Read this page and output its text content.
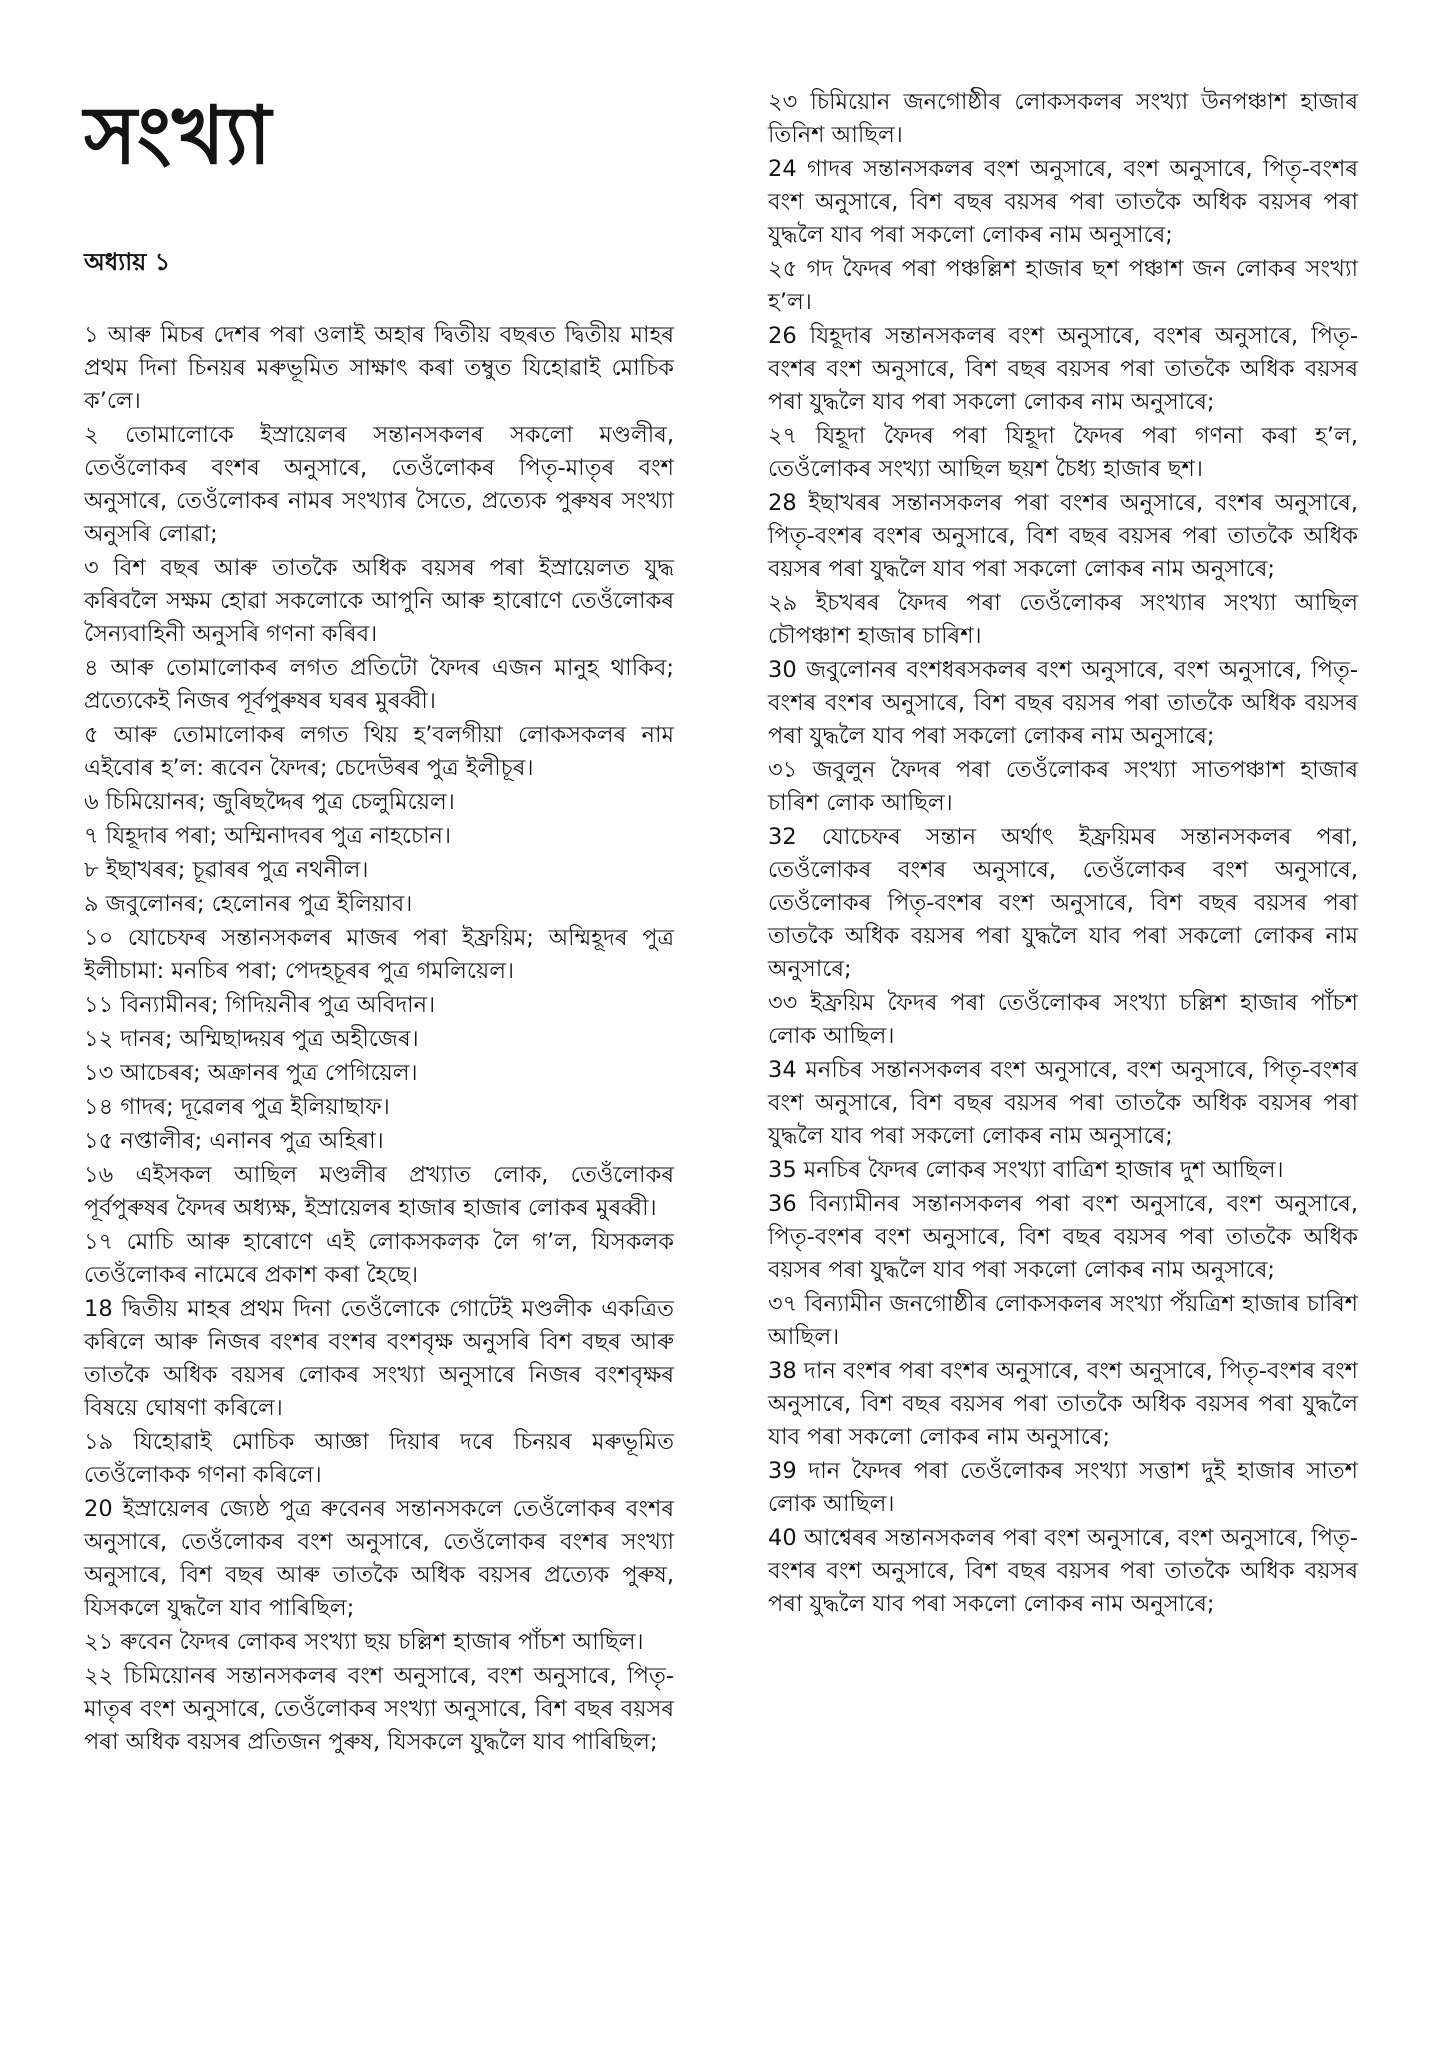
সংখ্যা
অধ্যায় ১

১ আৰু মিচৰ দেশৰ পৰা ওলাই অহাৰ দ্বিতীয় বছৰত দ্বিতীয় মাহৰ প্ৰথম দিনা চিনয়ৰ মৰুভূমিত সাক্ষাৎ কৰা তম্বুত যিহোৱাই মোচিক ক’লে।

২ তোমালোকে ইস্ৰায়েলৰ সন্তানসকলৰ সকলো মণ্ডলীৰ, তেওঁলোকৰ বংশৰ অনুসাৰে, তেওঁলোকৰ পিতৃ-মাতৃৰ বংশ অনুসাৰে, তেওঁলোকৰ নামৰ সংখ্যাৰ সৈতে, প্ৰত্যেক পুৰুষৰ সংখ্যা অনুসৰি লোৱা;

৩ বিশ বছৰ আৰু তাতকৈ অধিক বয়সৰ পৰা ইস্ৰায়েলত যুদ্ধ কৰিবলৈ সক্ষম হোৱা সকলোকে আপুনি আৰু হাৰোণে তেওঁলোকৰ সৈন্যবাহিনী অনুসৰি গণনা কৰিব।

৪ আৰু তোমালোকৰ লগত প্ৰতিটো ফৈদৰ এজন মানুহ থাকিব; প্ৰত্যেকেই নিজৰ পূৰ্বপুৰুষৰ ঘৰৰ মুৰব্বী।

৫ আৰু তোমালোকৰ লগত থিয় হ’বলগীয়া লোকসকলৰ নাম এইবোৰ হ’ল: ৰূবেন ফৈদৰ; চেদেউৰৰ পুত্ৰ ইলীচূৰ।

৬ চিমিয়োনৰ; জুৰিছদ্দৈৰ পুত্ৰ চেলুমিয়েল।

৭ যিহূদাৰ পৰা; অম্মিনাদবৰ পুত্ৰ নাহচোন।

৮ ইছাখৰৰ; চূৱাৰৰ পুত্ৰ নথনীল।

৯ জবুলোনৰ; হেলোনৰ পুত্ৰ ইলিয়াব।

১০ যোচেফৰ সন্তানসকলৰ মাজৰ পৰা ইফ্ৰয়িম; অম্মিহূদৰ পুত্ৰ ইলীচামা: মনচিৰ পৰা; পেদহচূৰৰ পুত্ৰ গমলিয়েল।

১১ বিন্যামীনৰ; গিদিয়নীৰ পুত্ৰ অবিদান।

১২ দানৰ; অম্মিছাদ্দয়ৰ পুত্ৰ অহীজেৰ।

১৩ আচেৰৰ; অক্ৰানৰ পুত্ৰ পেগিয়েল।

১৪ গাদৰ; দূৱেলৰ পুত্ৰ ইলিয়াছাফ।

১৫ নপ্তালীৰ; এনানৰ পুত্ৰ অহিৰা।

১৬ এইসকল আছিল মণ্ডলীৰ প্ৰখ্যাত লোক, তেওঁলোকৰ পূৰ্বপুৰুষৰ ফৈদৰ অধ্যক্ষ, ইস্ৰায়েলৰ হাজাৰ হাজাৰ লোকৰ মুৰব্বী।

১৭ মোচি আৰু হাৰোণে এই লোকসকলক লৈ গ’ল, যিসকলক তেওঁলোকৰ নামেৰে প্ৰকাশ কৰা হৈছে।

18 দ্বিতীয় মাহৰ প্ৰথম দিনা তেওঁলোকে গোটেই মণ্ডলীক একত্ৰিত কৰিলে আৰু নিজৰ বংশৰ বংশৰ বংশবৃক্ষ অনুসৰি বিশ বছৰ আৰু তাতকৈ অধিক বয়সৰ লোকৰ সংখ্যা অনুসাৰে নিজৰ বংশবৃক্ষৰ বিষয়ে ঘোষণা কৰিলে।

১৯ যিহোৱাই মোচিক আজ্ঞা দিয়াৰ দৰে চিনয়ৰ মৰুভূমিত তেওঁলোকক গণনা কৰিলে।

20 ইস্ৰায়েলৰ জ্যেষ্ঠ পুত্ৰ ৰুবেনৰ সন্তানসকলে তেওঁলোকৰ বংশৰ অনুসাৰে, তেওঁলোকৰ বংশ অনুসাৰে, তেওঁলোকৰ বংশৰ সংখ্যা অনুসাৰে, বিশ বছৰ আৰু তাতকৈ অধিক বয়সৰ প্ৰত্যেক পুৰুষ, যিসকলে যুদ্ধলৈ যাব পাৰিছিল;

২১ ৰুবেন ফৈদৰ লোকৰ সংখ্যা ছয় চল্লিশ হাজাৰ পাঁচশ আছিল।

২২ চিমিয়োনৰ সন্তানসকলৰ বংশ অনুসাৰে, বংশ অনুসাৰে, পিতৃ-মাতৃৰ বংশ অনুসাৰে, তেওঁলোকৰ সংখ্যা অনুসাৰে, বিশ বছৰ বয়সৰ পৰা অধিক বয়সৰ প্ৰতিজন পুৰুষ, যিসকলে যুদ্ধলৈ যাব পাৰিছিল;

২৩ চিমিয়োন জনগোষ্ঠীৰ লোকসকলৰ সংখ্যা উনপঞ্চাশ হাজাৰ তিনিশ আছিল।

24 গাদৰ সন্তানসকলৰ বংশ অনুসাৰে, বংশ অনুসাৰে, পিতৃ-বংশৰ বংশ অনুসাৰে, বিশ বছৰ বয়সৰ পৰা তাতকৈ অধিক বয়সৰ পৰা যুদ্ধলৈ যাব পৰা সকলো লোকৰ নাম অনুসাৰে;

২৫ গদ ফৈদৰ পৰা পঞ্চল্লিশ হাজাৰ ছশ পঞ্চাশ জন লোকৰ সংখ্যা হ’ল।

26 যিহূদাৰ সন্তানসকলৰ বংশ অনুসাৰে, বংশৰ অনুসাৰে, পিতৃ-বংশৰ বংশ অনুসাৰে, বিশ বছৰ বয়সৰ পৰা তাতকৈ অধিক বয়সৰ পৰা যুদ্ধলৈ যাব পৰা সকলো লোকৰ নাম অনুসাৰে;

২৭ যিহূদা ফৈদৰ পৰা যিহূদা ফৈদৰ পৰা গণনা কৰা হ’ল, তেওঁলোকৰ সংখ্যা আছিল ছয়শ চৈধ্য হাজাৰ ছশ।

28 ইছাখৰৰ সন্তানসকলৰ পৰা বংশৰ অনুসাৰে, বংশৰ অনুসাৰে, পিতৃ-বংশৰ বংশৰ অনুসাৰে, বিশ বছৰ বয়সৰ পৰা তাতকৈ অধিক বয়সৰ পৰা যুদ্ধলৈ যাব পৰা সকলো লোকৰ নাম অনুসাৰে;

২৯ ইচখৰৰ ফৈদৰ পৰা তেওঁলোকৰ সংখ্যাৰ সংখ্যা আছিল চৌপঞ্চাশ হাজাৰ চাৰিশ।

30 জবুলোনৰ বংশধৰসকলৰ বংশ অনুসাৰে, বংশ অনুসাৰে, পিতৃ-বংশৰ বংশৰ অনুসাৰে, বিশ বছৰ বয়সৰ পৰা তাতকৈ অধিক বয়সৰ পৰা যুদ্ধলৈ যাব পৰা সকলো লোকৰ নাম অনুসাৰে;

৩১ জবুলুন ফৈদৰ পৰা তেওঁলোকৰ সংখ্যা সাতপঞ্চাশ হাজাৰ চাৰিশ লোক আছিল।

32 যোচেফৰ সন্তান অৰ্থাৎ ইফ্ৰয়িমৰ সন্তানসকলৰ পৰা, তেওঁলোকৰ বংশৰ অনুসাৰে, তেওঁলোকৰ বংশ অনুসাৰে, তেওঁলোকৰ পিতৃ-বংশৰ বংশ অনুসাৰে, বিশ বছৰ বয়সৰ পৰা তাতকৈ অধিক বয়সৰ পৰা যুদ্ধলৈ যাব পৰা সকলো লোকৰ নাম অনুসাৰে;

৩৩ ইফ্ৰয়িম ফৈদৰ পৰা তেওঁলোকৰ সংখ্যা চল্লিশ হাজাৰ পাঁচশ লোক আছিল।

34 মনচিৰ সন্তানসকলৰ বংশ অনুসাৰে, বংশ অনুসাৰে, পিতৃ-বংশৰ বংশ অনুসাৰে, বিশ বছৰ বয়সৰ পৰা তাতকৈ অধিক বয়সৰ পৰা যুদ্ধলৈ যাব পৰা সকলো লোকৰ নাম অনুসাৰে;

35 মনচিৰ ফৈদৰ লোকৰ সংখ্যা বাত্ৰিশ হাজাৰ দুশ আছিল।

36 বিন্যামীনৰ সন্তানসকলৰ পৰা বংশ অনুসাৰে, বংশ অনুসাৰে, পিতৃ-বংশৰ বংশ অনুসাৰে, বিশ বছৰ বয়সৰ পৰা তাতকৈ অধিক বয়সৰ পৰা যুদ্ধলৈ যাব পৰা সকলো লোকৰ নাম অনুসাৰে;

৩৭ বিন্যামীন জনগোষ্ঠীৰ লোকসকলৰ সংখ্যা পঁয়ত্ৰিশ হাজাৰ চাৰিশ আছিল।

38 দান বংশৰ পৰা বংশৰ অনুসাৰে, বংশ অনুসাৰে, পিতৃ-বংশৰ বংশ অনুসাৰে, বিশ বছৰ বয়সৰ পৰা তাতকৈ অধিক বয়সৰ পৰা যুদ্ধলৈ যাব পৰা সকলো লোকৰ নাম অনুসাৰে;

39 দান ফৈদৰ পৰা তেওঁলোকৰ সংখ্যা সত্তাশ দুই হাজাৰ সাতশ লোক আছিল।

40 আশ্বেৰৰ সন্তানসকলৰ পৰা বংশ অনুসাৰে, বংশ অনুসাৰে, পিতৃ-বংশৰ বংশ অনুসাৰে, বিশ বছৰ বয়সৰ পৰা তাতকৈ অধিক বয়সৰ পৰা যুদ্ধলৈ যাব পৰা সকলো লোকৰ নাম অনুসাৰে;
